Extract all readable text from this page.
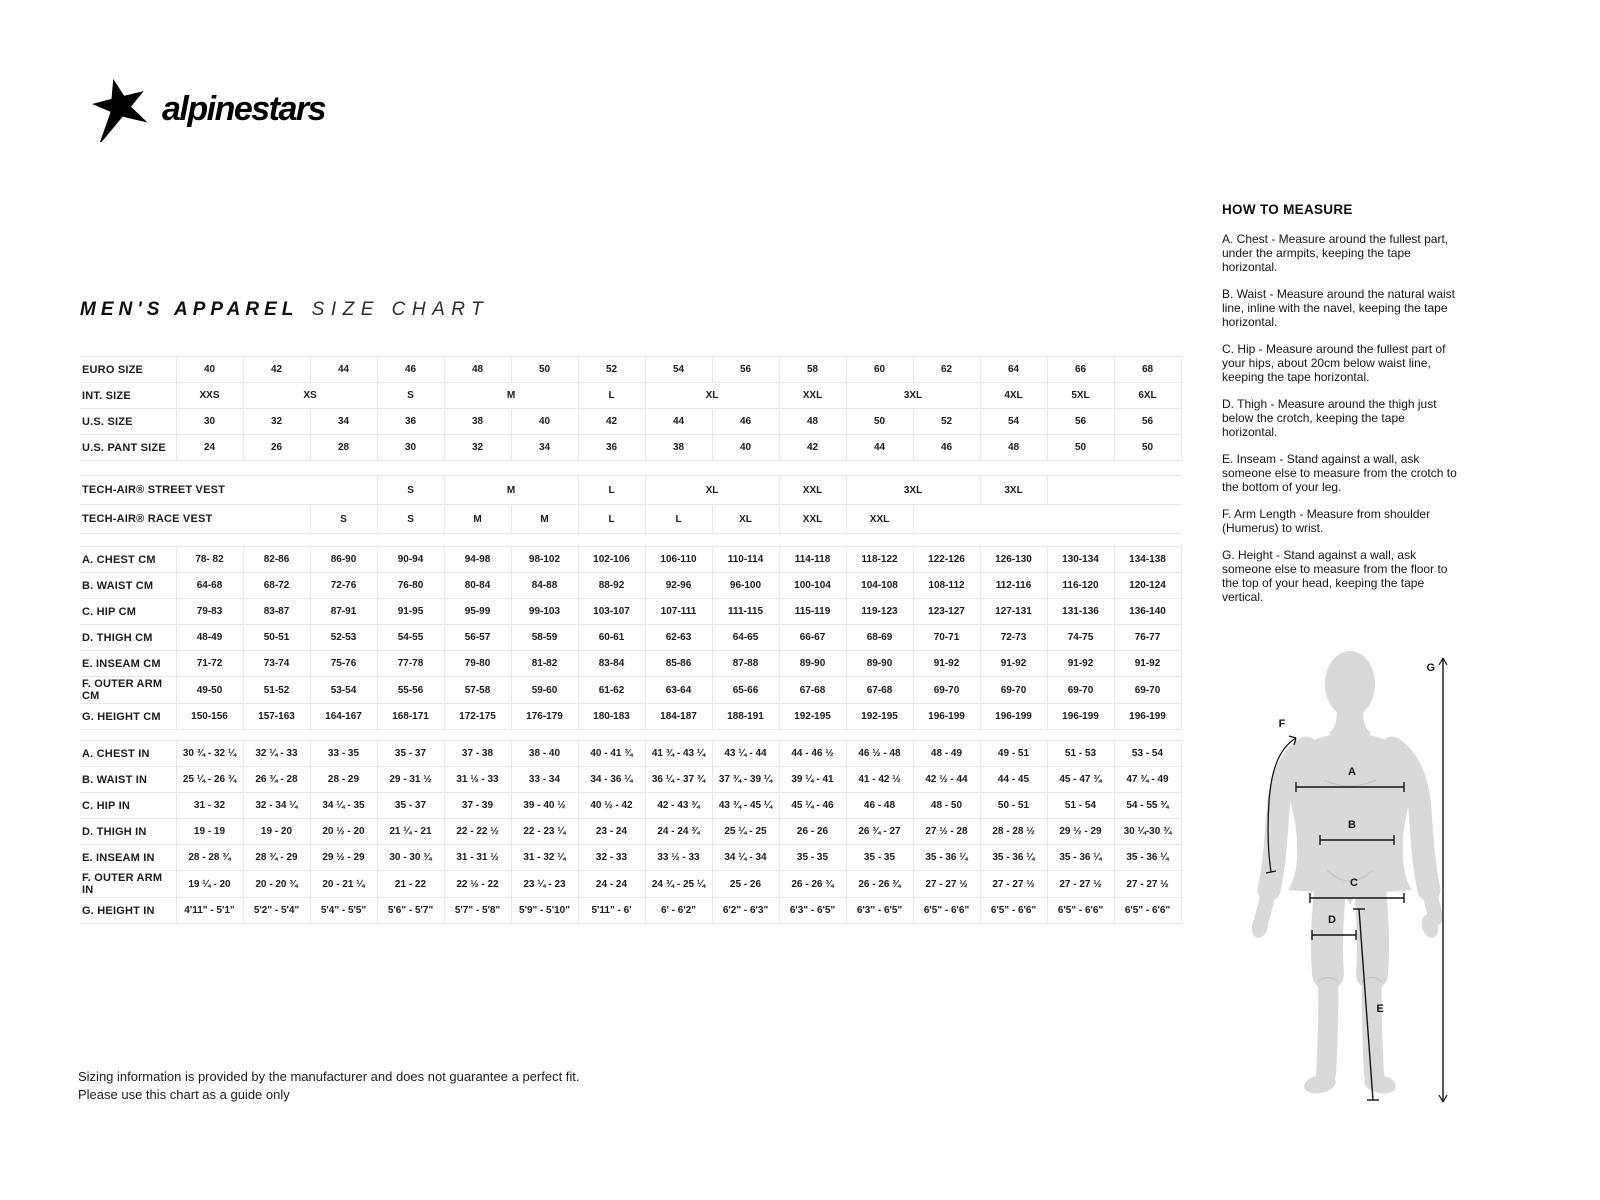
alpinestars
MEN'S APPAREL SIZE CHART
EURO SIZE	40	42	44	46	48	50	52	54	56	58	60	62	64	66	68
INT. SIZE	XXS	XS		S	M		L	XL		XXL	3XL		4XL	5XL	6XL
U.S. SIZE	30	32	34	36	38	40	42	44	46	48	50	52	54	56	56
U.S. PANT SIZE	24	26	28	30	32	34	36	38	40	42	44	46	48	50	50
TECH-AIR® STREET VEST		S	M		L	XL		XXL	3XL		3XL	
TECH-AIR® RACE VEST	S	S	M	M	L	L	XL	XXL	XXL			
A. CHEST CM	78- 82	82-86	86-90	90-94	94-98	98-102	102-106	106-110	110-114	114-118	118-122	122-126	126-130	130-134	134-138
B. WAIST CM	64-68	68-72	72-76	76-80	80-84	84-88	88-92	92-96	96-100	100-104	104-108	108-112	112-116	116-120	120-124
C. HIP CM	79-83	83-87	87-91	91-95	95-99	99-103	103-107	107-111	111-115	115-119	119-123	123-127	127-131	131-136	136-140
D. THIGH CM	48-49	50-51	52-53	54-55	56-57	58-59	60-61	62-63	64-65	66-67	68-69	70-71	72-73	74-75	76-77
E. INSEAM CM	71-72	73-74	75-76	77-78	79-80	81-82	83-84	85-86	87-88	89-90	89-90	91-92	91-92	91-92	91-92
F. OUTER ARM CM	49-50	51-52	53-54	55-56	57-58	59-60	61-62	63-64	65-66	67-68	67-68	69-70	69-70	69-70	69-70
G. HEIGHT CM	150-156	157-163	164-167	168-171	172-175	176-179	180-183	184-187	188-191	192-195	192-195	196-199	196-199	196-199	196-199
A. CHEST IN	30 ¾ - 32 ¼	32 ¼ - 33	33 - 35	35 - 37	37 - 38	38 - 40	40 - 41 ¾	41 ¾ - 43 ¼	43 ¼ - 44	44 - 46 ½	46 ½ - 48	48 - 49	49 - 51	51 - 53	53 - 54
B. WAIST IN	25 ¼ - 26 ¾	26 ¾ - 28	28 - 29	29 - 31 ½	31 ½ - 33	33 - 34	34 - 36 ¼	36 ¼ - 37 ¾	37 ¾ - 39 ¼	39 ¼ - 41	41 - 42 ½	42 ½ - 44	44 - 45	45 - 47 ¾	47 ¾ - 49
C. HIP IN	31 - 32	32 - 34 ¼	34 ¼ - 35	35 - 37	37 - 39	39 - 40 ½	40 ½ - 42	42 - 43 ¾	43 ¾ - 45 ¼	45 ¼ - 46	46 - 48	48 - 50	50 - 51	51 - 54	54 - 55 ¾
D. THIGH IN	19 - 19	19 - 20	20 ½ - 20	21 ¼ - 21	22 - 22 ½	22 - 23 ¼	23 - 24	24 - 24 ¾	25 ¼ - 25	26 - 26	26 ¾ - 27	27 ½ - 28	28 - 28 ½	29 ½ - 29	30 ¼-30 ¾
E. INSEAM IN	28 - 28 ¾	28 ¾ - 29	29 ½ - 29	30 - 30 ¾	31 - 31 ½	31 - 32 ¼	32 - 33	33 ½ - 33	34 ¼ - 34	35 - 35	35 - 35	35 - 36 ¼	35 - 36 ¼	35 - 36 ¼	35 - 36 ¼
F. OUTER ARM IN	19 ¼ - 20	20 - 20 ¾	20 - 21 ¼	21 - 22	22 ½ - 22	23 ¼ - 23	24 - 24	24 ¾ - 25 ¼	25 - 26	26 - 26 ¾	26 - 26 ¾	27 - 27 ½	27 - 27 ½	27 - 27 ½	27 - 27 ½
G. HEIGHT IN	4'11" - 5'1"	5'2" - 5'4"	5'4" - 5'5"	5'6" - 5'7"	5'7" - 5'8"	5'9" - 5'10"	5'11" - 6'	6' - 6'2"	6'2" - 6'3"	6'3" - 6'5"	6'3" - 6'5"	6'5" - 6'6"	6'5" - 6'6"	6'5" - 6'6"	6'5" - 6'6"
HOW TO MEASURE

A. Chest - Measure around the fullest part, under the armpits, keeping the tape horizontal.

B. Waist - Measure around the natural waist line, inline with the navel, keeping the tape horizontal.

C. Hip - Measure around the fullest part of your hips, about 20cm below waist line, keeping the tape horizontal.

D. Thigh - Measure around the thigh just below the crotch, keeping the tape horizontal.

E. Inseam - Stand against a wall, ask someone else to measure from the crotch to the bottom of your leg.

F. Arm Length - Measure from shoulder (Humerus) to wrist.

G. Height - Stand against a wall, ask someone else to measure from the floor to the top of your head, keeping the tape vertical.

A
B
C
D
E
F
G
Sizing information is provided by the manufacturer and does not guarantee a perfect fit.
Please use this chart as a guide only
